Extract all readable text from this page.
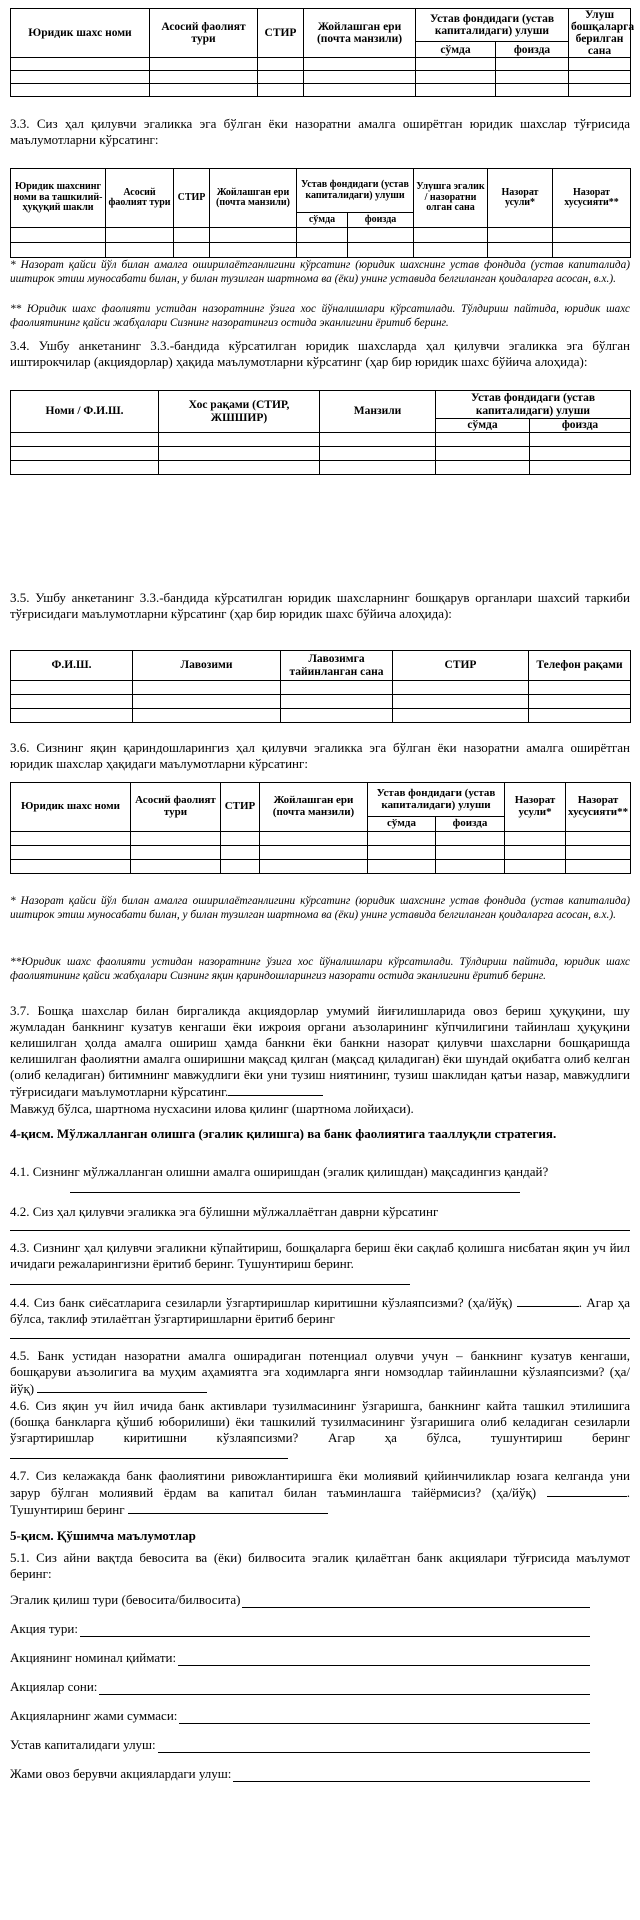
Юридик шахс номи	Асосий фаолият тури	СТИР	Жойлашган ери (почта манзили)	Устав фондидаги (устав капиталидаги) улуши		Улуш бошқаларга берилган сана
				сўмда	фоизда	

3.3. Сиз ҳал қилувчи эгаликка эга бўлган ёки назоратни амалга оширётган юридик шахслар тўғрисида маълумотларни кўрсатинг:

Юридик шахснинг номи ва ташкилий-ҳуқуқий шакли	Асосий фаолият тури	СТИР	Жойлашган ери (почта манзили)	Устав фондидаги (устав капиталидаги) улуши		Улушга эгалик / назоратни олган сана	Назорат усули*	Назорат хусусияти**
				сўмда	фоизда			

* Назорат қайси йўл билан амалга оширилаётганлигини кўрсатинг (юридик шахснинг устав фондида (устав капиталида) иштирок этиш муносабати билан, у билан тузилган шартнома ва (ёки) унинг уставида белгиланган қоидаларга асосан, в.х.).

** Юридик шахс фаолияти устидан назоратнинг ўзига хос йўналишлари кўрсатилади. Тўлдириш пайтида, юридик шахс фаолиятининг қайси жабҳалари Сизнинг назоратингиз остида эканлигини ёритиб беринг.

3.4. Ушбу анкетанинг 3.3.-бандида кўрсатилган юридик шахсларда ҳал қилувчи эгаликка эга бўлган иштирокчилар (акциядорлар) ҳақида маълумотларни кўрсатинг (ҳар бир юридик шахс бўйича алоҳида):

Номи / Ф.И.Ш.	Хос рақами (СТИР, ЖШШИР)	Манзили	Устав фондидаги (устав капиталидаги) улуши	
			сўмда	фоизда

3.5. Ушбу анкетанинг 3.3.-бандида кўрсатилган юридик шахсларнинг бошқарув органлари шахсий таркиби тўғрисидаги маълумотларни кўрсатинг (ҳар бир юридик шахс бўйича алоҳида):

Ф.И.Ш.	Лавозими	Лавозимга тайинланган сана	СТИР	Телефон рақами

3.6. Сизнинг яқин қариндошларингиз ҳал қилувчи эгаликка эга бўлган ёки назоратни амалга оширётган юридик шахслар ҳақидаги маълумотларни кўрсатинг:

Юридик шахс номи	Асосий фаолият тури	СТИР	Жойлашган ери (почта манзили)	Устав фондидаги (устав капиталидаги) улуши		Назорат усули*	Назорат хусусияти**
				сўмда	фоизда		

* Назорат қайси йўл билан амалга оширилаётганлигини кўрсатинг (юридик шахснинг устав фондида (устав капиталида) иштирок этиш муносабати билан, у билан тузилган шартнома ва (ёки) унинг уставида белгиланган қоидаларга асосан, в.х.).

**Юридик шахс фаолияти устидан назоратнинг ўзига хос йўналишлари кўрсатилади. Тўлдириш пайтида, юридик шахс фаолиятининг қайси жабҳалари Сизнинг яқин қариндошларингиз назорати остида эканлигини ёритиб беринг.

3.7. Бошқа шахслар билан биргаликда акциядорлар умумий йиғилишларида овоз бериш ҳуқуқини, шу жумладан банкнинг кузатув кенгаши ёки ижроия органи аъзоларининг кўпчилигини тайинлаш ҳуқуқини келишилган ҳолда амалга ошириш ҳамда банкни ёки банкни назорат қилувчи шахсларни бошқаришда келишилган фаолиятни амалга оширишни мақсад қилган (мақсад қиладиган) ёки шундай оқибатга олиб келган (олиб келадиган) битимнинг мавжудлиги ёки уни тузиш ниятининг, тузиш шаклидан қатъи назар, мавжудлиги тўғрисидаги маълумотларни кўрсатинг.

Мавжуд бўлса, шартнома нусхасини илова қилинг (шартнома лойиҳаси).

4-қисм. Мўлжалланган олишга (эгалик қилишга) ва банк фаолиятига тааллуқли стратегия.

4.1. Сизнинг мўлжалланган олишни амалга оширишдан (эгалик қилишдан) мақсадингиз қандай?

4.2. Сиз ҳал қилувчи эгаликка эга бўлишни мўлжаллаётган даврни кўрсатинг

4.3. Сизнинг ҳал қилувчи эгаликни кўпайтириш, бошқаларга бериш ёки сақлаб қолишга нисбатан яқин уч йил ичидаги режаларингизни ёритиб беринг. Тушунтириш беринг.

4.4. Сиз банк сиёсатларига сезиларли ўзгартиришлар киритишни кўзлаяпсизми? (ҳа/йўқ)	. Агар ҳа бўлса, таклиф этилаётган ўзгартиришларни ёритиб беринг

4.5. Банк устидан назоратни амалга оширадиган потенциал олувчи учун – банкнинг кузатув кенгаши, бошқаруви аъзолигига ва муҳим аҳамиятга эга ходимларга янги номзодлар тайинлашни кўзлаяпсизми? (ҳа/йўқ)

4.6. Сиз яқин уч йил ичида банк активлари тузилмасининг ўзгаришга, банкнинг кайта ташкил этилишига (бошқа банкларга қўшиб юборилиши) ёки ташкилий тузилмасининг ўзгаришига олиб келадиган сезиларли ўзгартиришлар киритишни кўзлаяпсизми? Агар ҳа бўлса, тушунтириш беринг

4.7. Сиз келажакда банк фаолиятини ривожлантиришга ёки молиявий қийинчиликлар юзага келганда уни зарур бўлган молиявий ёрдам ва капитал билан таъминлашга тайёрмисиз? (ҳа/йўқ)	. Тушунтириш беринг

5-қисм. Қўшимча маълумотлар

5.1. Сиз айни вақтда бевосита ва (ёки) билвосита эгалик қилаётган банк акциялари тўғрисида маълумот беринг:

Эгалик қилиш тури (бевосита/билвосита)
Акция тури:
Акциянинг номинал қиймати:
Акциялар сони:
Акцияларнинг жами суммаси:
Устав капиталидаги улуш:
Жами овоз берувчи акциялардаги улуш:
